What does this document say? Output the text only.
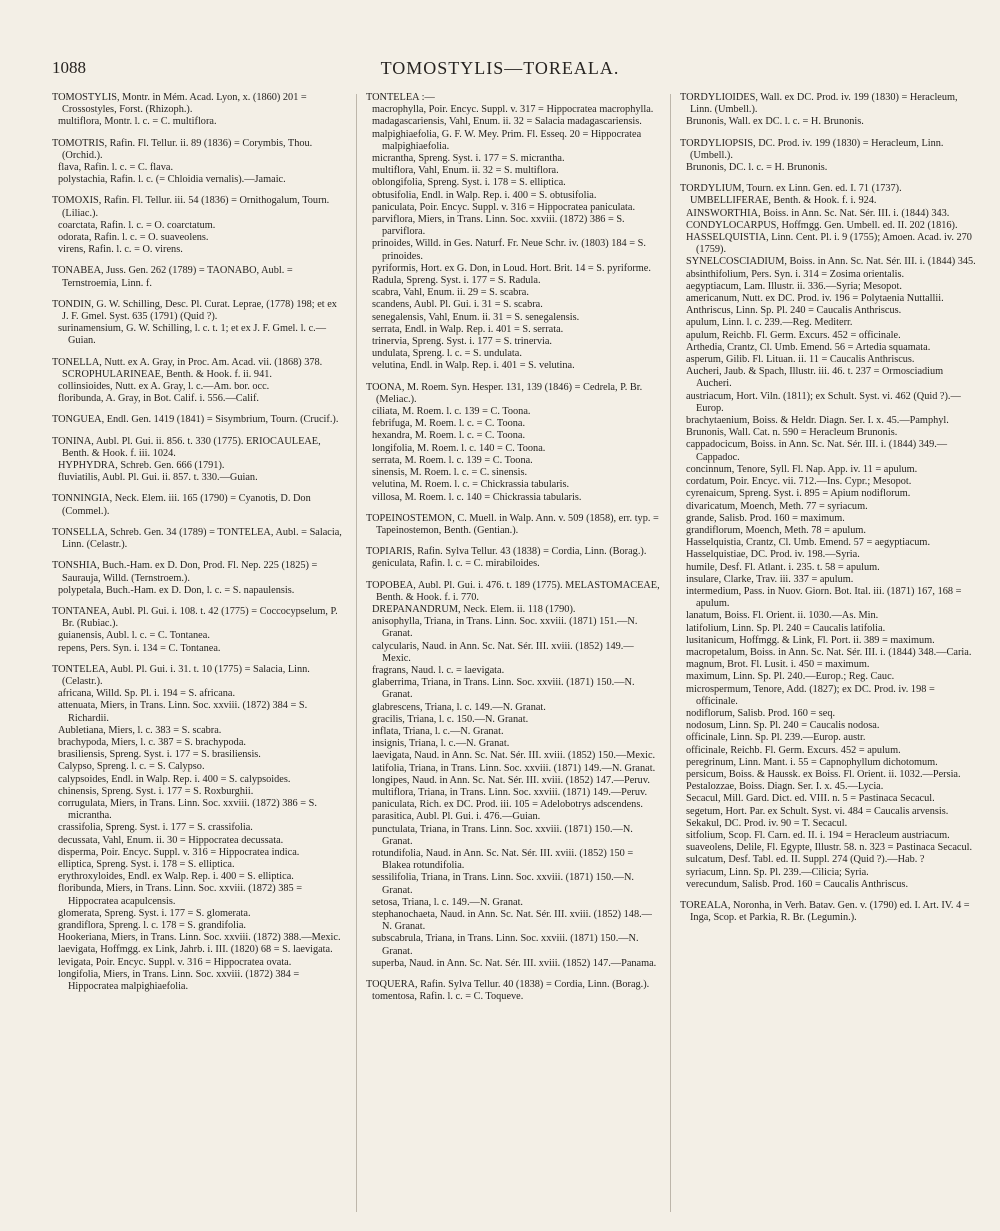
1088	TOMOSTYLIS—TOREALA.
TOMOSTYLIS, Montr. in Mém. Acad. Lyon, x. (1860) 201 = Crossostyles, Forst. (Rhizoph.).
multiflora, Montr. l. c. = C. multiflora.
TOMOTRIS, Rafin. Fl. Tellur. ii. 89 (1836) = Corymbis, Thou. (Orchid.).
flava, Rafin. l. c. = C. flava.
polystachia, Rafin. l. c. (= Chloidia vernalis).—Jamaic.
TOMOXIS, Rafin. Fl. Tellur. iii. 54 (1836) = Ornithogalum, Tourn. (Liliac.).
coarctata, Rafin. l. c. = O. coarctatum.
odorata, Rafin. l. c. = O. suaveolens.
virens, Rafin. l. c. = O. virens.
TONABEA, Juss. Gen. 262 (1789) = TAONABO, Aubl. = Ternstroemia, Linn. f.
TONDIN, G. W. Schilling, Desc. Pl. Curat. Leprae, (1778) 198; et ex J. F. Gmel. Syst. 635 (1791) (Quid ?).
surinamensium, G. W. Schilling, l. c. t. 1; et ex J. F. Gmel. l. c.—Guian.
TONELLA, Nutt. ex A. Gray, in Proc. Am. Acad. vii. (1868) 378. SCROPHULARINEAE, Benth. & Hook. f. ii. 941.
collinsioides, Nutt. ex A. Gray, l. c.—Am. bor. occ.
floribunda, A. Gray, in Bot. Calif. i. 556.—Calif.
TONGUEA, Endl. Gen. 1419 (1841) = Sisymbrium, Tourn. (Crucif.).
TONINA, Aubl. Pl. Gui. ii. 856. t. 330 (1775). ERIOCAULEAE, Benth. & Hook. f. iii. 1024.
HYPHYDRA, Schreb. Gen. 666 (1791).
fluviatilis, Aubl. Pl. Gui. ii. 857. t. 330.—Guian.
TONNINGIA, Neck. Elem. iii. 165 (1790) = Cyanotis, D. Don (Commel.).
TONSELLA, Schreb. Gen. 34 (1789) = TONTELEA, Aubl. = Salacia, Linn. (Celastr.).
TONSHIA, Buch.-Ham. ex D. Don, Prod. Fl. Nep. 225 (1825) = Saurauja, Willd. (Ternstroem.).
polypetala, Buch.-Ham. ex D. Don, l. c. = S. napaulensis.
TONTANEA, Aubl. Pl. Gui. i. 108. t. 42 (1775) = Coccocypselum, P. Br. (Rubiac.).
guianensis, Aubl. l. c. = C. Tontanea.
repens, Pers. Syn. i. 134 = C. Tontanea.
TONTELEA, Aubl. Pl. Gui. i. 31. t. 10 (1775) = Salacia, Linn. (Celastr.).
africana, Willd. Sp. Pl. i. 194 = S. africana.
attenuata, Miers, in Trans. Linn. Soc. xxviii. (1872) 384 = S. Richardii.
Aubletiana, Miers, l. c. 383 = S. scabra.
brachypoda, Miers, l. c. 387 = S. brachypoda.
brasiliensis, Spreng. Syst. i. 177 = S. brasiliensis.
Calypso, Spreng. l. c. = S. Calypso.
calypsoides, Endl. in Walp. Rep. i. 400 = S. calypsoides.
chinensis, Spreng. Syst. i. 177 = S. Roxburghii.
corrugulata, Miers, in Trans. Linn. Soc. xxviii. (1872) 386 = S. micrantha.
crassifolia, Spreng. Syst. i. 177 = S. crassifolia.
decussata, Vahl, Enum. ii. 30 = Hippocratea decussata.
dispermа, Poir. Encyc. Suppl. v. 316 = Hippocratea indica.
elliptica, Spreng. Syst. i. 178 = S. elliptica.
erythroxyloides, Endl. ex Walp. Rep. i. 400 = S. elliptica.
floribunda, Miers, in Trans. Linn. Soc. xxviii. (1872) 385 = Hippocratea acapulcensis.
glomerata, Spreng. Syst. i. 177 = S. glomerata.
grandiflora, Spreng. l. c. 178 = S. grandifolia.
Hookeriana, Miers, in Trans. Linn. Soc. xxviii. (1872) 388.—Mexic.
laevigata, Hoffmgg. ex Link, Jahrb. i. III. (1820) 68 = S. laevigata.
levigata, Poir. Encyc. Suppl. v. 316 = Hippocratea ovata.
longifolia, Miers, in Trans. Linn. Soc. xxviii. (1872) 384 = Hippocratea malpighiaefolia.
TONTELEA :—
macrophylla, Poir. Encyc. Suppl. v. 317 = Hippocratea macrophylla.
madagascariensis, Vahl, Enum. ii. 32 = Salacia madagascariensis.
malpighiaefolia, G. F. W. Mey. Prim. Fl. Esseq. 20 = Hippocratea malpighiaefolia.
micrantha, Spreng. Syst. i. 177 = S. micrantha.
multiflora, Vahl, Enum. ii. 32 = S. multiflora.
oblongifolia, Spreng. Syst. i. 178 = S. elliptica.
obtusifolia, Endl. in Walp. Rep. i. 400 = S. obtusifolia.
paniculata, Poir. Encyc. Suppl. v. 316 = Hippocratea paniculata.
parviflora, Miers, in Trans. Linn. Soc. xxviii. (1872) 386 = S. parviflora.
prinoides, Willd. in Ges. Naturf. Fr. Neue Schr. iv. (1803) 184 = S. prinoides.
pyriformis, Hort. ex G. Don, in Loud. Hort. Brit. 14 = S. pyriforme.
Radula, Spreng. Syst. i. 177 = S. Radula.
scabra, Vahl, Enum. ii. 29 = S. scabra.
scandens, Aubl. Pl. Gui. i. 31 = S. scabra.
senegalensis, Vahl, Enum. ii. 31 = S. senegalensis.
serrata, Endl. in Walp. Rep. i. 401 = S. serrata.
trinervia, Spreng. Syst. i. 177 = S. trinervia.
undulata, Spreng. l. c. = S. undulata.
velutina, Endl. in Walp. Rep. i. 401 = S. velutina.
TOONA, M. Roem. Syn. Hesper. 131, 139 (1846) = Cedrela, P. Br. (Meliac.).
ciliata, M. Roem. l. c. 139 = C. Toona.
febrifuga, M. Roem. l. c. = C. Toona.
hexandra, M. Roem. l. c. = C. Toona.
longifolia, M. Roem. l. c. 140 = C. Toona.
serrata, M. Roem. l. c. 139 = C. Toona.
sinensis, M. Roem. l. c. = C. sinensis.
velutina, M. Roem. l. c. = Chickrassia tabularis.
villosa, M. Roem. l. c. 140 = Chickrassia tabularis.
TOPEINOSTEMON, C. Muell. in Walp. Ann. v. 509 (1858), err. typ. = Tapeinostemon, Benth. (Gentian.).
TOPIARIS, Rafin. Sylva Tellur. 43 (1838) = Cordia, Linn. (Borag.).
geniculata, Rafin. l. c. = C. mirabiloides.
TOPOBEA, Aubl. Pl. Gui. i. 476. t. 189 (1775). MELASTOMACEAE, Benth. & Hook. f. i. 770.
DREPANANDRUM, Neck. Elem. ii. 118 (1790).
anisophylla, Triana, in Trans. Linn. Soc. xxviii. (1871) 151.—N. Granat.
calycularis, Naud. in Ann. Sc. Nat. Sér. III. xviii. (1852) 149.—Mexic.
fragrans, Naud. l. c. = laevigata.
glaberrima, Triana, in Trans. Linn. Soc. xxviii. (1871) 150.—N. Granat.
glabrescens, Triana, l. c. 149.—N. Granat.
gracilis, Triana, l. c. 150.—N. Granat.
inflata, Triana, l. c.—N. Granat.
insignis, Triana, l. c.—N. Granat.
laevigata, Naud. in Ann. Sc. Nat. Sér. III. xviii. (1852) 150.—Mexic.
latifolia, Triana, in Trans. Linn. Soc. xxviii. (1871) 149.—N. Granat.
longipes, Naud. in Ann. Sc. Nat. Sér. III. xviii. (1852) 147.—Peruv.
multiflora, Triana, in Trans. Linn. Soc. xxviii. (1871) 149.—Peruv.
paniculata, Rich. ex DC. Prod. iii. 105 = Adelobotrys adscendens.
parasitica, Aubl. Pl. Gui. i. 476.—Guian.
punctulata, Triana, in Trans. Linn. Soc. xxviii. (1871) 150.—N. Granat.
rotundifolia, Naud. in Ann. Sc. Nat. Sér. III. xviii. (1852) 150 = Blakea rotundifolia.
sessilifolia, Triana, in Trans. Linn. Soc. xxviii. (1871) 150.—N. Granat.
setosa, Triana, l. c. 149.—N. Granat.
stephanochaeta, Naud. in Ann. Sc. Nat. Sér. III. xviii. (1852) 148.—N. Granat.
subscabrula, Triana, in Trans. Linn. Soc. xxviii. (1871) 150.—N. Granat.
superba, Naud. in Ann. Sc. Nat. Sér. III. xviii. (1852) 147.—Panama.
TOQUERA, Rafin. Sylva Tellur. 40 (1838) = Cordia, Linn. (Borag.).
tomentosa, Rafin. l. c. = C. Toqueve.
TORDYLIOIDES, Wall. ex DC. Prod. iv. 199 (1830) = Heracleum, Linn. (Umbell.).
Brunonis, Wall. ex DC. l. c. = H. Brunonis.
TORDYLIOPSIS, DC. Prod. iv. 199 (1830) = Heracleum, Linn. (Umbell.).
Brunonis, DC. l. c. = H. Brunonis.
TORDYLIUM, Tourn. ex Linn. Gen. ed. I. 71 (1737). UMBELLIFERAE, Benth. & Hook. f. i. 924.
AINSWORTHIA, Boiss. in Ann. Sc. Nat. Sér. III. i. (1844) 343.
CONDYLOCARPUS, Hoffmgg. Gen. Umbell. ed. II. 202 (1816).
HASSELQUISTIA, Linn. Cent. Pl. i. 9 (1755); Amoen. Acad. iv. 270 (1759).
SYNELCOSCIADIUM, Boiss. in Ann. Sc. Nat. Sér. III. i. (1844) 345.
absinthifolium, Pers. Syn. i. 314 = Zosima orientalis.
aegyptiacum, Lam. Illustr. ii. 336.—Syria; Mesopot.
americanum, Nutt. ex DC. Prod. iv. 196 = Polytaenia Nuttallii.
Anthriscus, Linn. Sp. Pl. 240 = Caucalis Anthriscus.
apulum, Linn. l. c. 239.—Reg. Mediterr.
apulum, Reichb. Fl. Germ. Excurs. 452 = officinale.
Arthedia, Crantz, Cl. Umb. Emend. 56 = Artedia squamata.
asperum, Gilib. Fl. Lituan. ii. 11 = Caucalis Anthriscus.
Aucheri, Jaub. & Spach, Illustr. iii. 46. t. 237 = Ormosciadium Aucheri.
austriacum, Hort. Viln. (1811); ex Schult. Syst. vi. 462 (Quid ?).—Europ.
brachytaenium, Boiss. & Heldr. Diagn. Ser. I. x. 45.—Pamphyl.
Brunonis, Wall. Cat. n. 590 = Heracleum Brunonis.
cappadocicum, Boiss. in Ann. Sc. Nat. Sér. III. i. (1844) 349.—Cappadoc.
concinnum, Tenore, Syll. Fl. Nap. App. iv. 11 = apulum.
cordatum, Poir. Encyc. vii. 712.—Ins. Cypr.; Mesopot.
cyrenaicum, Spreng. Syst. i. 895 = Apium nodiflorum.
divaricatum, Moench, Meth. 77 = syriacum.
grande, Salisb. Prod. 160 = maximum.
grandiflorum, Moench, Meth. 78 = apulum.
Hasselquistia, Crantz, Cl. Umb. Emend. 57 = aegyptiacum.
Hasselquistiae, DC. Prod. iv. 198.—Syria.
humile, Desf. Fl. Atlant. i. 235. t. 58 = apulum.
insulare, Clarke, Trav. iii. 337 = apulum.
intermedium, Pass. in Nuov. Giorn. Bot. Ital. iii. (1871) 167, 168 = apulum.
lanatum, Boiss. Fl. Orient. ii. 1030.—As. Min.
latifolium, Linn. Sp. Pl. 240 = Caucalis latifolia.
lusitanicum, Hoffmgg. & Link, Fl. Port. ii. 389 = maximum.
macropetalum, Boiss. in Ann. Sc. Nat. Sér. III. i. (1844) 348.—Caria.
magnum, Brot. Fl. Lusit. i. 450 = maximum.
maximum, Linn. Sp. Pl. 240.—Europ.; Reg. Cauc.
microspermum, Tenore, Add. (1827); ex DC. Prod. iv. 198 = officinale.
nodiflorum, Salisb. Prod. 160 = seq.
nodosum, Linn. Sp. Pl. 240 = Caucalis nodosa.
officinale, Linn. Sp. Pl. 239.—Europ. austr.
officinale, Reichb. Fl. Germ. Excurs. 452 = apulum.
peregrinum, Linn. Mant. i. 55 = Capnophyllum dichotomum.
persicum, Boiss. & Haussk. ex Boiss. Fl. Orient. ii. 1032.—Persia.
Pestalozzae, Boiss. Diagn. Ser. I. x. 45.—Lycia.
Secacul, Mill. Gard. Dict. ed. VIII. n. 5 = Pastinaca Secacul.
segetum, Hort. Par. ex Schult. Syst. vi. 484 = Caucalis arvensis.
Sekakul, DC. Prod. iv. 90 = T. Secacul.
sitfolium, Scop. Fl. Carn. ed. II. i. 194 = Heracleum austriacum.
suaveolens, Delile, Fl. Egypte, Illustr. 58. n. 323 = Pastinaca Secacul.
sulcatum, Desf. Tabl. ed. II. Suppl. 274 (Quid ?).—Hab. ?
syriacum, Linn. Sp. Pl. 239.—Cilicia; Syria.
verecundum, Salisb. Prod. 160 = Caucalis Anthriscus.
TOREALA, Noronha, in Verh. Batav. Gen. v. (1790) ed. I. Art. IV. 4 = Inga, Scop. et Parkia, R. Br. (Legumin.).
